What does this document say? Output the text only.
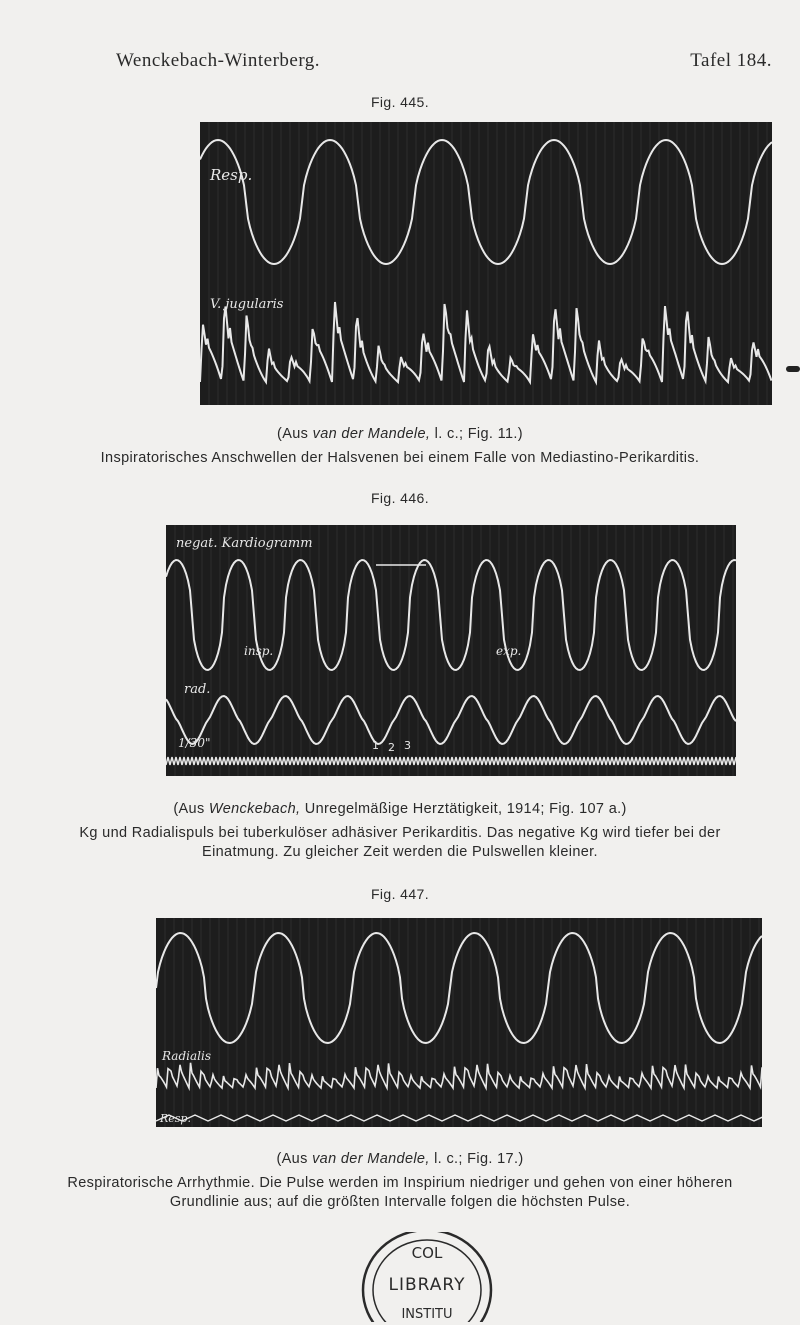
Wenckebach-Winterberg.	Tafel 184.
Fig. 445.
Resp.
V. jugularis
(Aus van der Mandele, l. c.; Fig. 11.)
Inspiratorisches Anschwellen der Halsvenen bei einem Falle von Mediastino-Perikarditis.
Fig. 446.
negat. Kardiogramm
insp.	exp.
rad.
1/30"	1 2 3
(Aus Wenckebach, Unregelmäßige Herztätigkeit, 1914; Fig. 107 a.)
Kg und Radialispuls bei tuberkulöser adhäsiver Perikarditis. Das negative Kg wird tiefer bei der
Einatmung. Zu gleicher Zeit werden die Pulswellen kleiner.
Fig. 447.
Radialis
Resp.
(Aus van der Mandele, l. c.; Fig. 17.)
Respiratorische Arrhythmie. Die Pulse werden im Inspirium niedriger und gehen von einer höheren
Grundlinie aus; auf die größten Intervalle folgen die höchsten Pulse.
COL
LIBRARY
INSTITU
